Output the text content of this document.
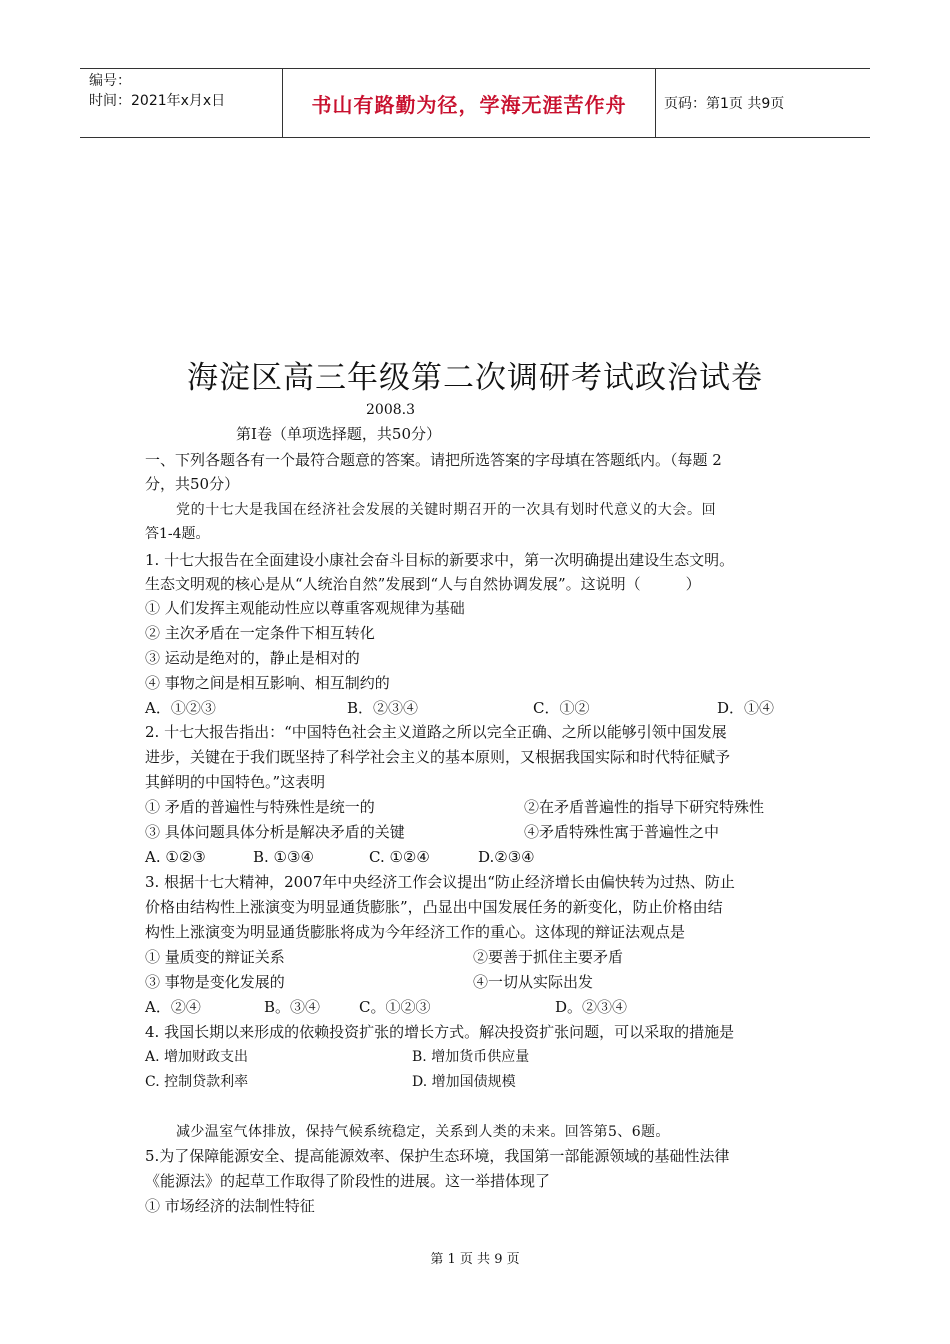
编号：
时间：2021年x月x日	书山有路勤为径，学海无涯苦作舟	页码：第1页 共9页
海淀区高三年级第二次调研考试政治试卷
2008.3
第Ⅰ卷（单项选择题，共50分）
一、下列各题各有一个最符合题意的答案。请把所选答案的字母填在答题纸内。（每题 2
分，共50分）
党的十七大是我国在经济社会发展的关键时期召开的一次具有划时代意义的大会。回
答1-4题。
1. 十七大报告在全面建设小康社会奋斗目标的新要求中，第一次明确提出建设生态文明。
生态文明观的核心是从“人统治自然”发展到“人与自然协调发展”。这说明（　　　）
① 人们发挥主观能动性应以尊重客观规律为基础
② 主次矛盾在一定条件下相互转化
③ 运动是绝对的，静止是相对的
④ 事物之间是相互影响、相互制约的
A．①②③	B．②③④	C．①②	D．①④
2. 十七大报告指出：“中国特色社会主义道路之所以完全正确、之所以能够引领中国发展
进步，关键在于我们既坚持了科学社会主义的基本原则，又根据我国实际和时代特征赋予
其鲜明的中国特色。”这表明
① 矛盾的普遍性与特殊性是统一的	②在矛盾普遍性的指导下研究特殊性
③ 具体问题具体分析是解决矛盾的关键	④矛盾特殊性寓于普遍性之中
A. ①②③	B. ①③④	C. ①②④	D.②③④
3. 根据十七大精神，2007年中央经济工作会议提出“防止经济增长由偏快转为过热、防止
价格由结构性上涨演变为明显通货膨胀”，凸显出中国发展任务的新变化，防止价格由结
构性上涨演变为明显通货膨胀将成为今年经济工作的重心。这体现的辩证法观点是
① 量质变的辩证关系	②要善于抓住主要矛盾
③ 事物是变化发展的	④一切从实际出发
A．②④	B。③④	C。①②③	D。②③④
4. 我国长期以来形成的依赖投资扩张的增长方式。解决投资扩张问题，可以采取的措施是
A. 增加财政支出	B. 增加货币供应量
C. 控制贷款利率	D. 增加国债规模
减少温室气体排放，保持气候系统稳定，关系到人类的未来。回答第5、6题。
5.为了保障能源安全、提高能源效率、保护生态环境，我国第一部能源领域的基础性法律
《能源法》的起草工作取得了阶段性的进展。这一举措体现了
① 市场经济的法制性特征
第 1 页 共 9 页
